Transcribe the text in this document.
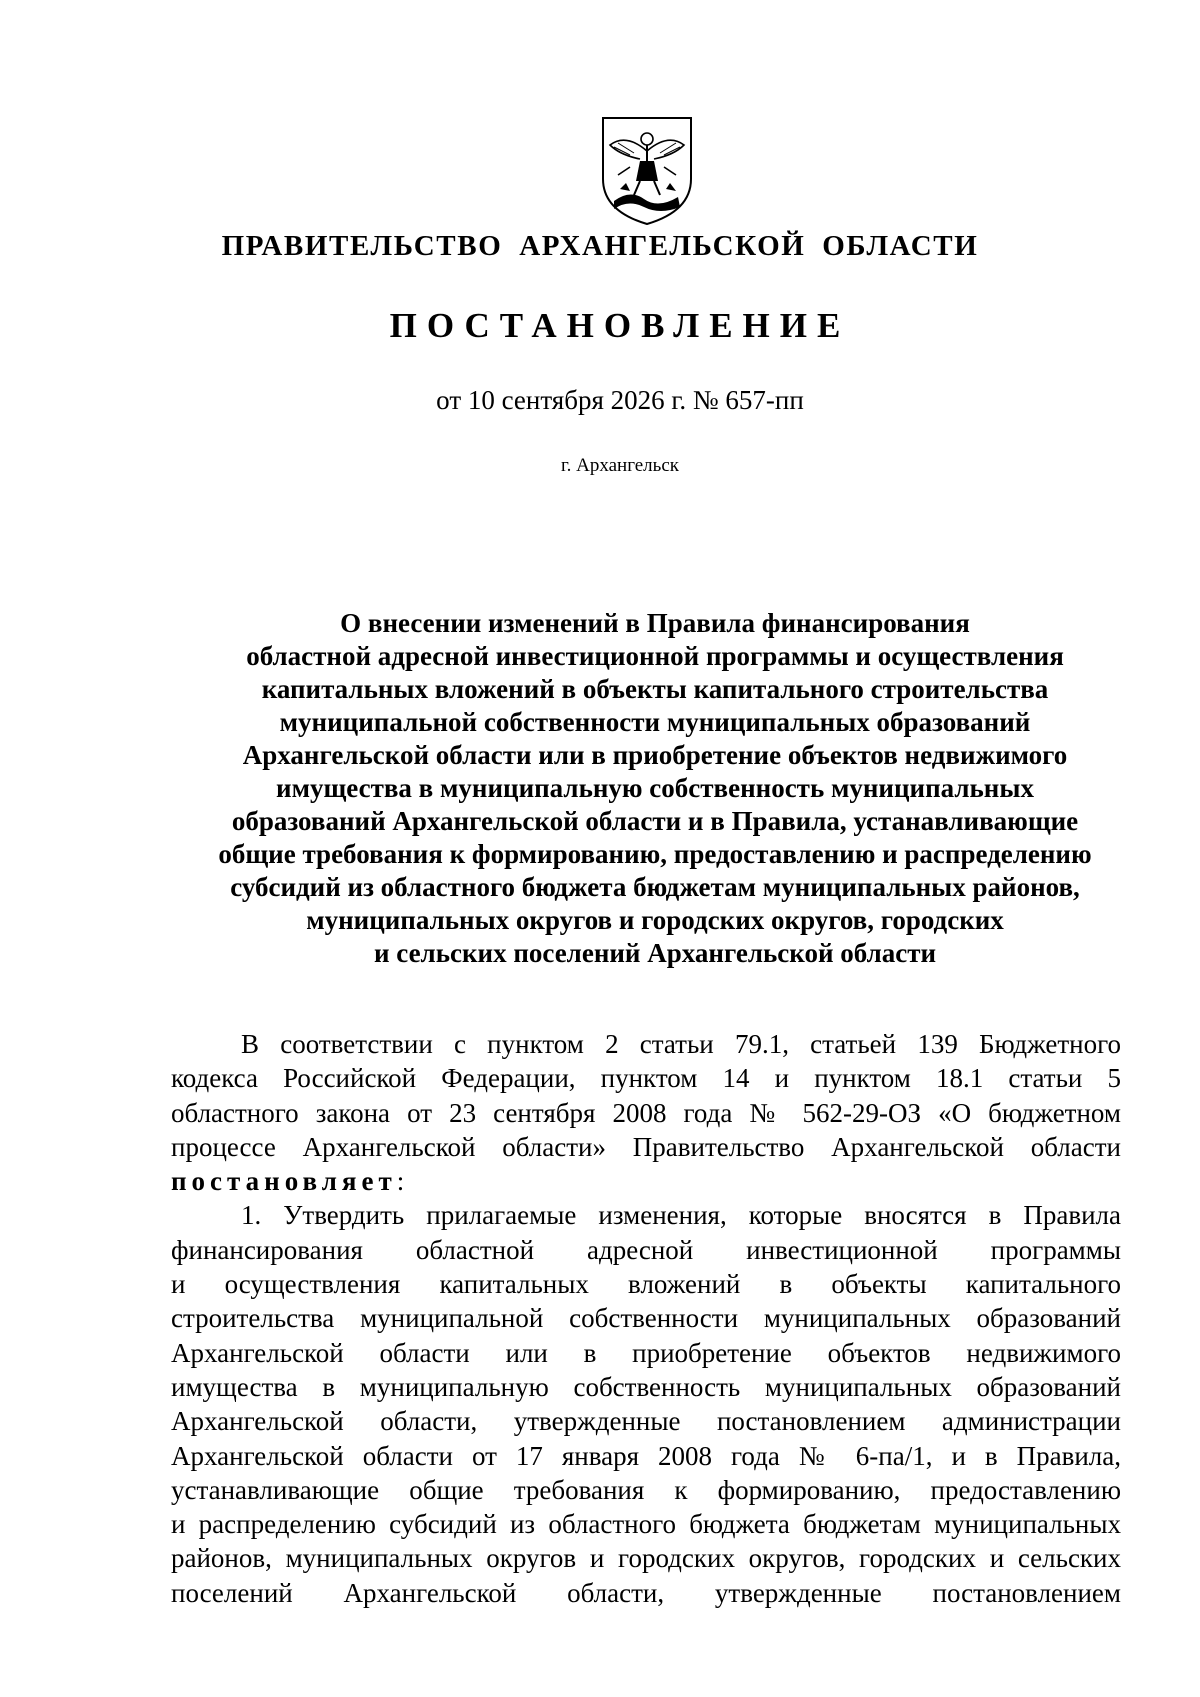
ПРАВИТЕЛЬСТВО АРХАНГЕЛЬСКОЙ ОБЛАСТИ
ПОСТАНОВЛЕНИЕ
от 10 сентября 2026 г. № 657-пп
г. Архангельск
О внесении изменений в Правила финансирования
областной адресной инвестиционной программы и осуществления
капитальных вложений в объекты капитального строительства
муниципальной собственности муниципальных образований
Архангельской области или в приобретение объектов недвижимого
имущества в муниципальную собственность муниципальных
образований Архангельской области и в Правила, устанавливающие
общие требования к формированию, предоставлению и распределению
субсидий из областного бюджета бюджетам муниципальных районов,
муниципальных округов и городских округов, городских
и сельских поселений Архангельской области
В соответствии с пунктом 2 статьи 79.1, статьей 139 Бюджетного
кодекса Российской Федерации, пунктом 14 и пунктом 18.1 статьи 5
областного закона от 23 сентября 2008 года № 562-29-ОЗ «О бюджетном
процессе Архангельской области» Правительство Архангельской области
постановляет:
1. Утвердить прилагаемые изменения, которые вносятся в Правила
финансирования областной адресной инвестиционной программы
и осуществления капитальных вложений в объекты капитального
строительства муниципальной собственности муниципальных образований
Архангельской области или в приобретение объектов недвижимого
имущества в муниципальную собственность муниципальных образований
Архангельской области, утвержденные постановлением администрации
Архангельской области от 17 января 2008 года № 6-па/1, и в Правила,
устанавливающие общие требования к формированию, предоставлению
и распределению субсидий из областного бюджета бюджетам муниципальных
районов, муниципальных округов и городских округов, городских и сельских
поселений Архангельской области, утвержденные постановлением
